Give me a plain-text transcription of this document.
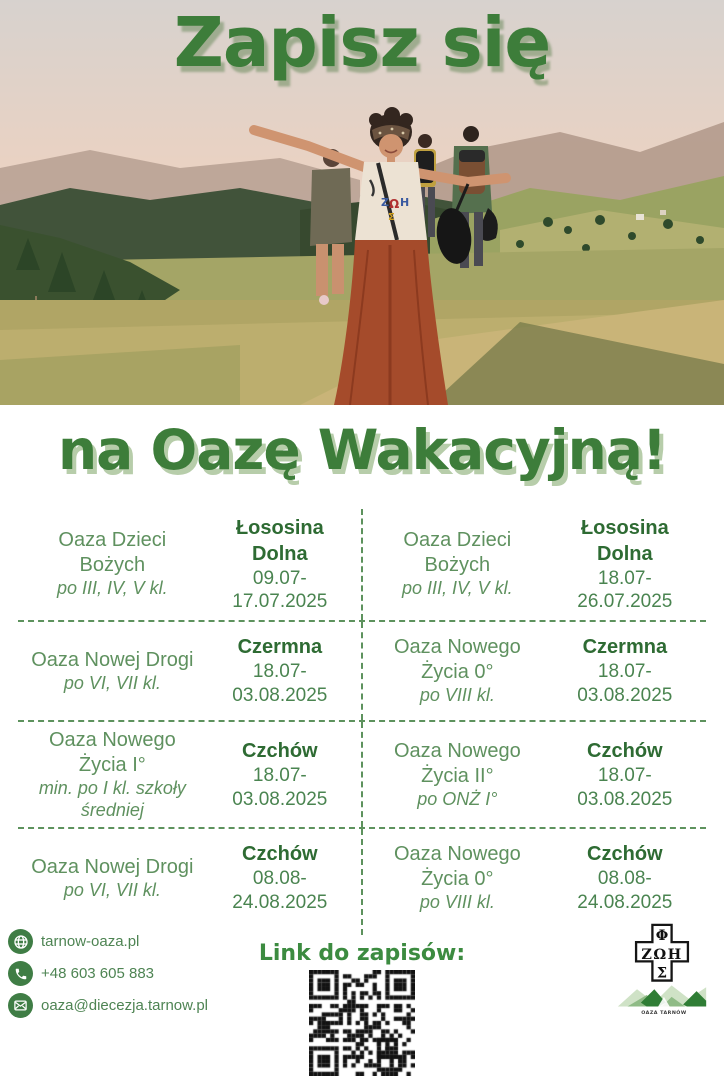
Ζ Ω Η
Σ
Zapisz się
na Oazę Wakacyjną!
Oaza Dzieci Bożych
po III, IV, V kl.
Łososina Dolna
09.07-17.07.2025
Oaza Dzieci Bożych
po III, IV, V kl.
Łososina Dolna
18.07-26.07.2025
Oaza Nowej Drogi
po VI, VII kl.
Czermna
18.07-03.08.2025
Oaza Nowego Życia 0°
po VIII kl.
Czermna
18.07-03.08.2025
Oaza Nowego Życia I°
min. po I kl. szkoły średniej
Czchów
18.07-03.08.2025
Oaza Nowego Życia II°
po ONŻ I°
Czchów
18.07-03.08.2025
Oaza Nowej Drogi
po VI, VII kl.
Czchów
08.08-24.08.2025
Oaza Nowego Życia 0°
po VIII kl.
Czchów
08.08-24.08.2025
Link do zapisów:
tarnow-oaza.pl
+48 603 605 883
oaza@diecezja.tarnow.pl
Φ
ΖΩΗ
Σ
OAZA TARNÓW
